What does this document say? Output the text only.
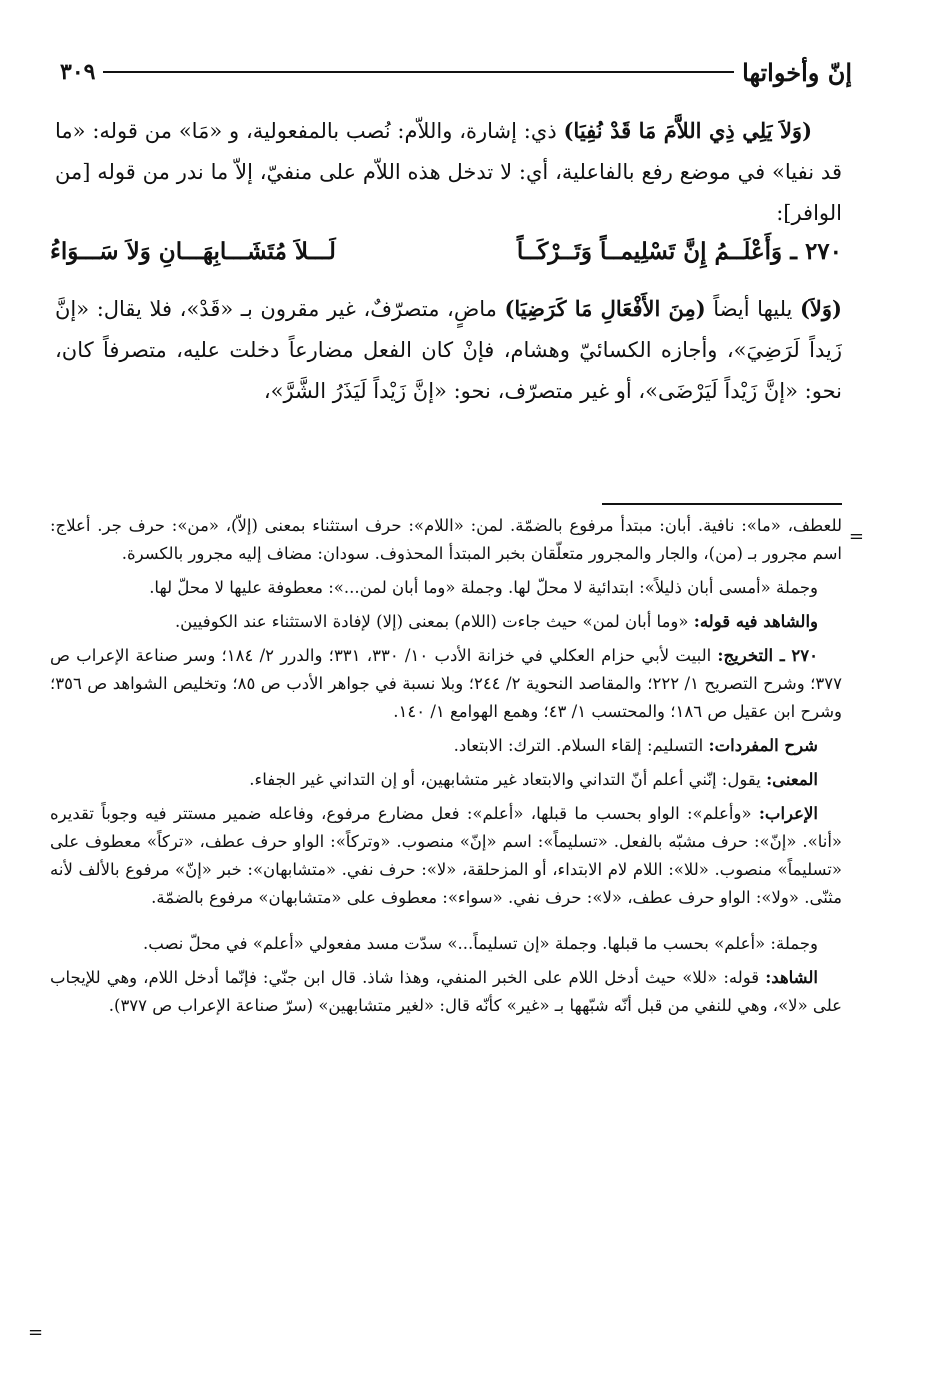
إنّ وأخواتها
٣٠٩

(وَلاَ يَلِي ذِي اللاَّمَ مَا قَدْ نُفِيَا) ذي: إشارة، واللاّم: نُصب بالمفعولية، و «مَا» من قوله: «ما قد نفيا» في موضع رفع بالفاعلية، أي: لا تدخل هذه اللاّم على منفيّ، إلاّ ما ندر من قوله [من الوافر]:

٢٧٠ ـ وَأَعْلَــمُ إِنَّ تَسْلِيمــاً وَتَــرْكَــاً
لَـــلاَ مُتَشَـــابِهَـــانِ وَلاَ سَـــوَاءُ

(وَلاَ) يليها أيضاً (مِنَ الأَفْعَالِ مَا كَرَضِيَا) ماضٍ، متصرّفٌ، غير مقرون بـ «قَدْ»، فلا يقال: «إنَّ زَيداً لَرَضِيَ»، وأجازه الكسائيّ وهشام، فإنْ كان الفعل مضارعاً دخلت عليه، متصرفاً كان، نحو: «إنَّ زَيْداً لَيَرْضَى»، أو غير متصرّف، نحو: «إنَّ زَيْداً لَيَذَرُ الشَّرَّ»،

=

للعطف، «ما»: نافية. أبان: مبتدأ مرفوع بالضمّة. لمن: «اللام»: حرف استثناء بمعنى (إلاّ)، «من»: حرف جر. أعلاج: اسم مجرور بـ (من)، والجار والمجرور متعلّقان بخبر المبتدأ المحذوف. سودان: مضاف إليه مجرور بالكسرة.

وجملة «أمسى أبان ذليلاً»: ابتدائية لا محلّ لها. وجملة «وما أبان لمن...»: معطوفة عليها لا محلّ لها.

والشاهد فيه قوله: «وما أبان لمن» حيث جاءت (اللام) بمعنى (إلا) لإفادة الاستثناء عند الكوفيين.

٢٧٠ ـ التخريج: البيت لأبي حزام العكلي في خزانة الأدب ١٠/ ٣٣٠، ٣٣١؛ والدرر ٢/ ١٨٤؛ وسر صناعة الإعراب ص ٣٧٧؛ وشرح التصريح ١/ ٢٢٢؛ والمقاصد النحوية ٢/ ٢٤٤؛ وبلا نسبة في جواهر الأدب ص ٨٥؛ وتخليص الشواهد ص ٣٥٦؛ وشرح ابن عقيل ص ١٨٦؛ والمحتسب ١/ ٤٣؛ وهمع الهوامع ١/ ١٤٠.

شرح المفردات: التسليم: إلقاء السلام. الترك: الابتعاد.

المعنى: يقول: إنّني أعلم أنّ التداني والابتعاد غير متشابهين، أو إن التداني غير الجفاء.

الإعراب: «وأعلم»: الواو بحسب ما قبلها، «أعلم»: فعل مضارع مرفوع، وفاعله ضمير مستتر فيه وجوباً تقديره «أنا». «إنّ»: حرف مشبّه بالفعل. «تسليماً»: اسم «إنّ» منصوب. «وتركاً»: الواو حرف عطف، «تركاً» معطوف على «تسليماً» منصوب. «للا»: اللام لام الابتداء، أو المزحلقة، «لا»: حرف نفي. «متشابهان»: خبر «إنّ» مرفوع بالألف لأنه مثنّى. «ولا»: الواو حرف عطف، «لا»: حرف نفي. «سواء»: معطوف على «متشابهان» مرفوع بالضمّة.

وجملة: «أعلم» بحسب ما قبلها. وجملة «إن تسليماً...» سدّت مسد مفعولي «أعلم» في محلّ نصب.

الشاهد: قوله: «للا» حيث أدخل اللام على الخبر المنفي، وهذا شاذ. قال ابن جنّي: فإنّما أدخل اللام، وهي للإيجاب على «لا»، وهي للنفي من قبل أنّه شبّهها بـ «غير» كأنّه قال: «لغير متشابهين» (سرّ صناعة الإعراب ص ٣٧٧).

=
